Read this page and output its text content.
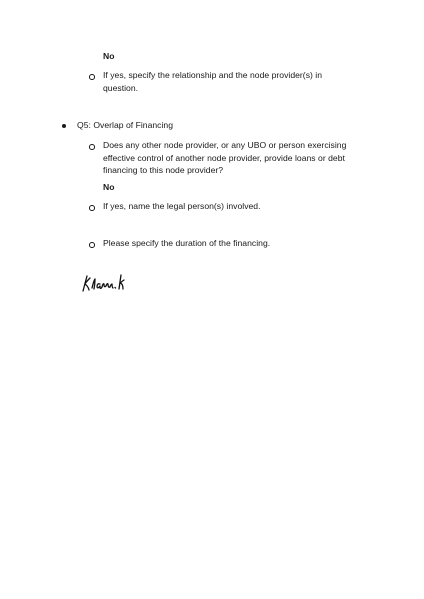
No
If yes, specify the relationship and the node provider(s) in question.
Q5: Overlap of Financing
Does any other node provider, or any UBO or person exercising effective control of another node provider, provide loans or debt financing to this node provider?
No
If yes, name the legal person(s) involved.
Please specify the duration of the financing.
